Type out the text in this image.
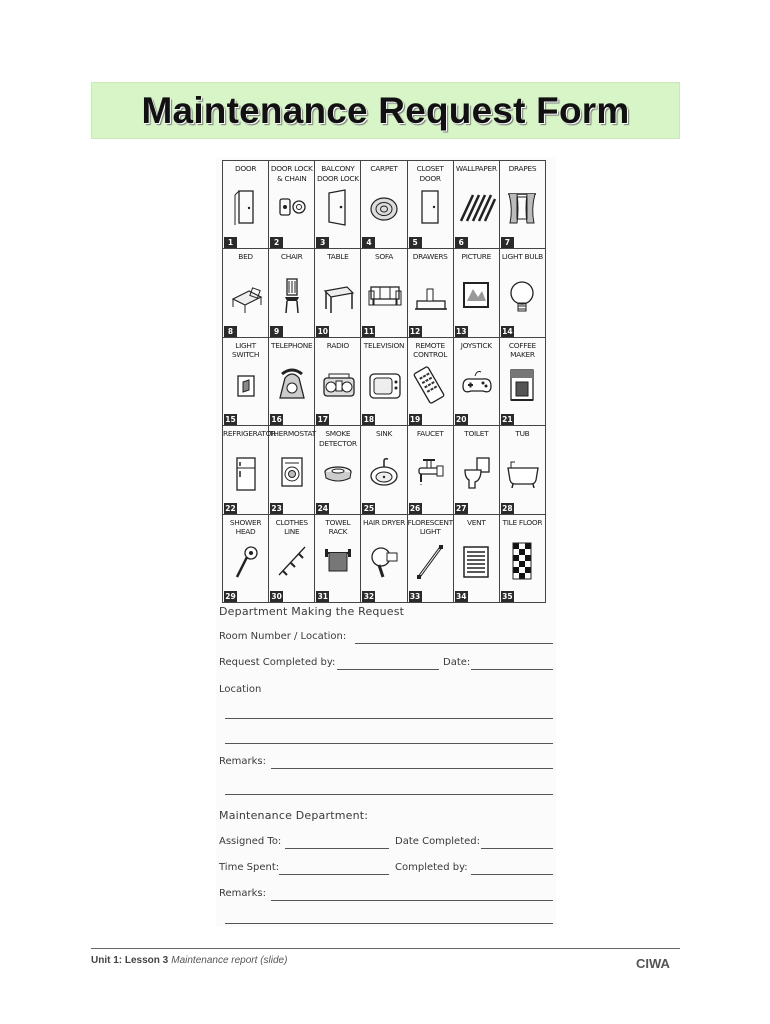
Maintenance Request Form
DOOR
1
DOOR LOCK & CHAIN
2
BALCONY DOOR LOCK
3
CARPET
4
CLOSET DOOR
5
WALLPAPER
6
DRAPES
7
BED
8
CHAIR
9
TABLE
10
SOFA
11
DRAWERS
12
PICTURE
13
LIGHT BULB
14
LIGHT SWITCH
15
TELEPHONE
16
RADIO
17
TELEVISION
18
REMOTE CONTROL
19
JOYSTICK
20
COFFEE MAKER
21
REFRIGERATOR
22
THERMOSTAT
23
SMOKE DETECTOR
24
SINK
25
FAUCET
26
TOILET
27
TUB
28
SHOWER HEAD
29
CLOTHES LINE
30
TOWEL RACK
31
HAIR DRYER
32
FLORESCENT LIGHT
33
VENT
34
TILE FLOOR
35
Department Making the Request
Room Number / Location:
Request Completed by:	Date:
Location
Remarks:
Maintenance Department:
Assigned To:	Date Completed:
Time Spent:	Completed by:
Remarks:
Unit 1: Lesson 3 Maintenance report (slide)	CIWA
